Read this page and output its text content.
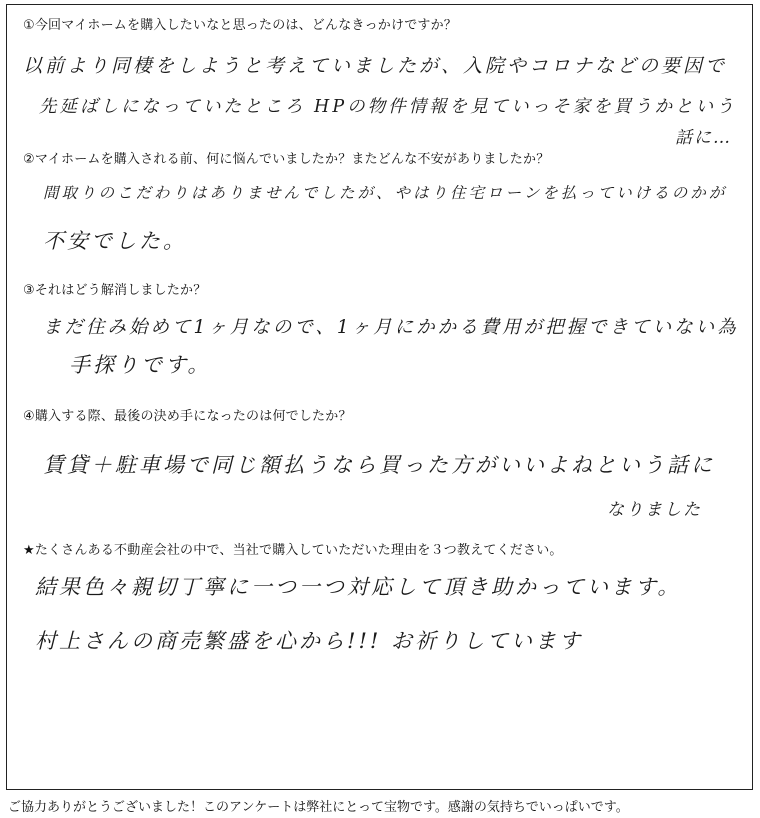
①今回マイホームを購入したいなと思ったのは、どんなきっかけですか？
以前より同棲をしようと考えていましたが、入院やコロナなどの要因で
先延ばしになっていたところ HPの物件情報を見ていっそ家を買うかという
話に…
②マイホームを購入される前、何に悩んでいましたか？またどんな不安がありましたか？
間取りのこだわりはありませんでしたが、やはり住宅ローンを払っていけるのかが
不安でした。
③それはどう解消しましたか？
まだ住み始めて1ヶ月なので、1ヶ月にかかる費用が把握できていない為
手探りです。
④購入する際、最後の決め手になったのは何でしたか？
賃貸＋駐車場で同じ額払うなら買った方がいいよねという話に
なりました
★たくさんある不動産会社の中で、当社で購入していただいた理由を３つ教えてください。
結果色々親切丁寧に一つ一つ対応して頂き助かっています。
村上さんの商売繁盛を心から!!! お祈りしています
ご協力ありがとうございました！このアンケートは弊社にとって宝物です。感謝の気持ちでいっぱいです。
